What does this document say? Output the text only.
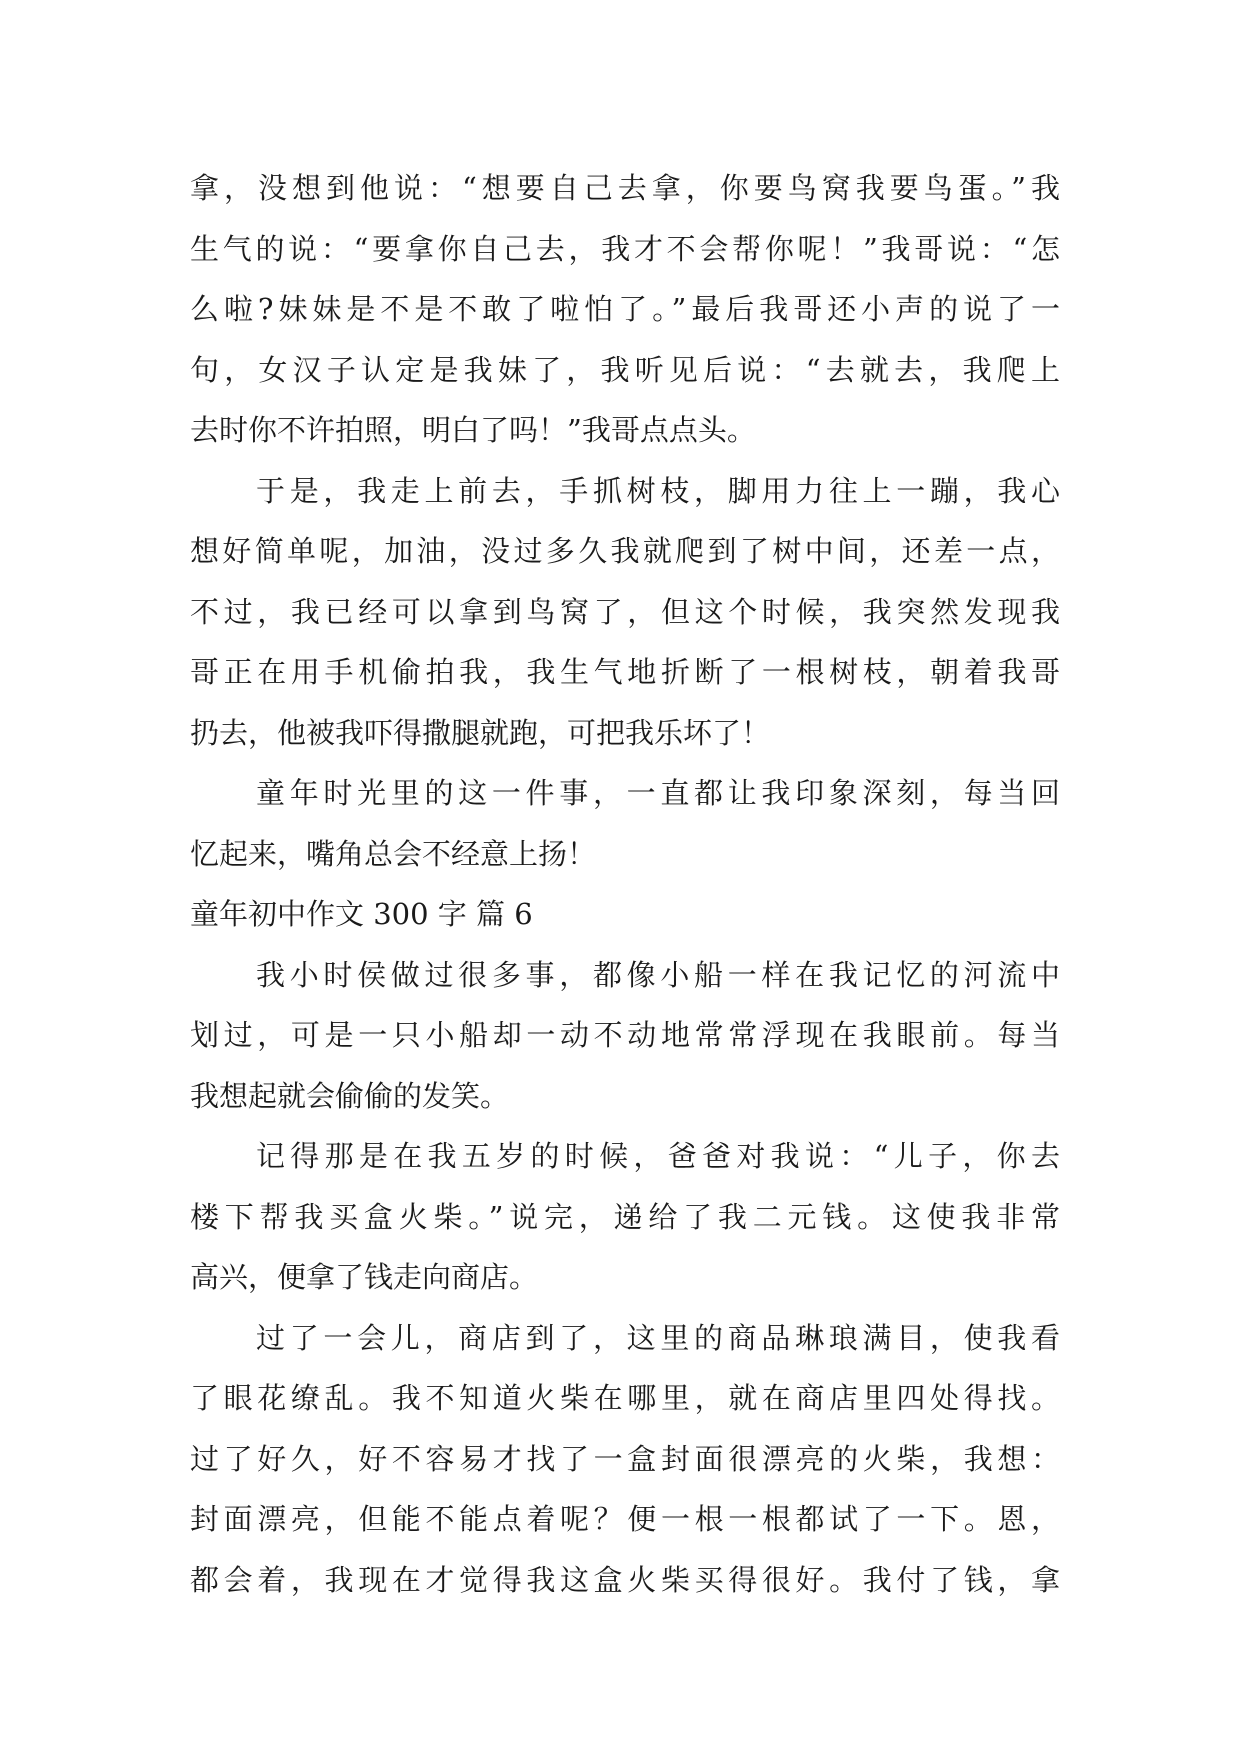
拿，没想到他说：“想要自己去拿，你要鸟窝我要鸟蛋。”我
生气的说：“要拿你自己去，我才不会帮你呢！”我哥说：“怎
么啦?妹妹是不是不敢了啦怕了。”最后我哥还小声的说了一
句，女汉子认定是我妹了，我听见后说：“去就去，我爬上
去时你不许拍照，明白了吗！”我哥点点头。
于是，我走上前去，手抓树枝，脚用力往上一蹦，我心
想好简单呢，加油，没过多久我就爬到了树中间，还差一点，
不过，我已经可以拿到鸟窝了，但这个时候，我突然发现我
哥正在用手机偷拍我，我生气地折断了一根树枝，朝着我哥
扔去，他被我吓得撒腿就跑，可把我乐坏了！
童年时光里的这一件事，一直都让我印象深刻，每当回
忆起来，嘴角总会不经意上扬！
童年初中作文 300 字 篇 6
我小时侯做过很多事，都像小船一样在我记忆的河流中
划过，可是一只小船却一动不动地常常浮现在我眼前。每当
我想起就会偷偷的发笑。
记得那是在我五岁的时候，爸爸对我说：“儿子，你去
楼下帮我买盒火柴。”说完，递给了我二元钱。这使我非常
高兴，便拿了钱走向商店。
过了一会儿，商店到了，这里的商品琳琅满目，使我看
了眼花缭乱。我不知道火柴在哪里，就在商店里四处得找。
过了好久，好不容易才找了一盒封面很漂亮的火柴，我想：
封面漂亮，但能不能点着呢？便一根一根都试了一下。恩，
都会着，我现在才觉得我这盒火柴买得很好。我付了钱，拿
